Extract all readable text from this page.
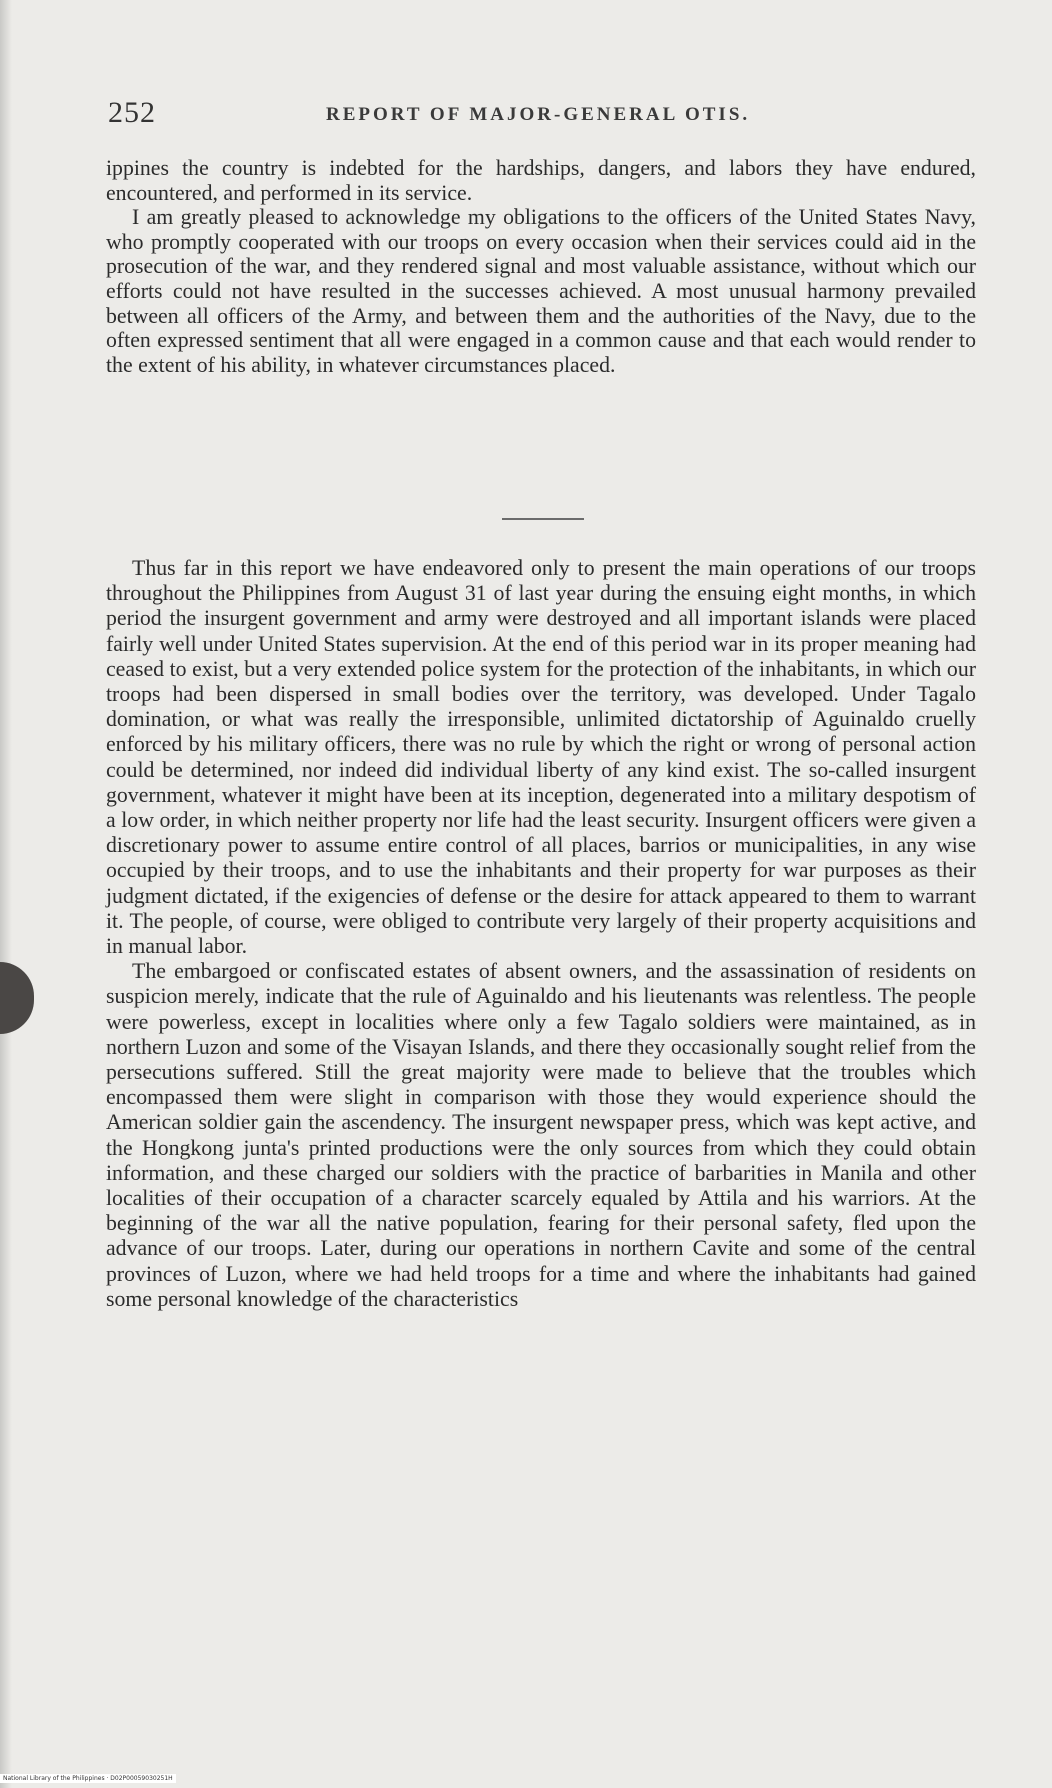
252	REPORT OF MAJOR-GENERAL OTIS.

ippines the country is indebted for the hardships, dangers, and labors they have endured, encountered, and performed in its service.

I am greatly pleased to acknowledge my obligations to the officers of the United States Navy, who promptly cooperated with our troops on every occasion when their services could aid in the prosecution of the war, and they rendered signal and most valuable assistance, without which our efforts could not have resulted in the successes achieved. A most unusual harmony prevailed between all officers of the Army, and between them and the authorities of the Navy, due to the often expressed sentiment that all were engaged in a common cause and that each would render to the extent of his ability, in whatever circumstances placed.

Thus far in this report we have endeavored only to present the main operations of our troops throughout the Philippines from August 31 of last year during the ensuing eight months, in which period the insurgent government and army were destroyed and all important islands were placed fairly well under United States supervision. At the end of this period war in its proper meaning had ceased to exist, but a very extended police system for the protection of the inhabitants, in which our troops had been dispersed in small bodies over the territory, was developed. Under Tagalo domination, or what was really the irresponsible, unlimited dictatorship of Aguinaldo cruelly enforced by his military officers, there was no rule by which the right or wrong of personal action could be determined, nor indeed did individual liberty of any kind exist. The so-called insurgent government, whatever it might have been at its inception, degenerated into a military despotism of a low order, in which neither property nor life had the least security. Insurgent officers were given a discretionary power to assume entire control of all places, barrios or municipalities, in any wise occupied by their troops, and to use the inhabitants and their property for war purposes as their judgment dictated, if the exigencies of defense or the desire for attack appeared to them to warrant it. The people, of course, were obliged to contribute very largely of their property acquisitions and in manual labor.

The embargoed or confiscated estates of absent owners, and the assassination of residents on suspicion merely, indicate that the rule of Aguinaldo and his lieutenants was relentless. The people were powerless, except in localities where only a few Tagalo soldiers were maintained, as in northern Luzon and some of the Visayan Islands, and there they occasionally sought relief from the persecutions suffered. Still the great majority were made to believe that the troubles which encompassed them were slight in comparison with those they would experience should the American soldier gain the ascendency. The insurgent newspaper press, which was kept active, and the Hongkong junta's printed productions were the only sources from which they could obtain information, and these charged our soldiers with the practice of barbarities in Manila and other localities of their occupation of a character scarcely equaled by Attila and his warriors. At the beginning of the war all the native population, fearing for their personal safety, fled upon the advance of our troops. Later, during our operations in northern Cavite and some of the central provinces of Luzon, where we had held troops for a time and where the inhabitants had gained some personal knowledge of the characteristics

National Library of the Philippines · D02P00059030251H
